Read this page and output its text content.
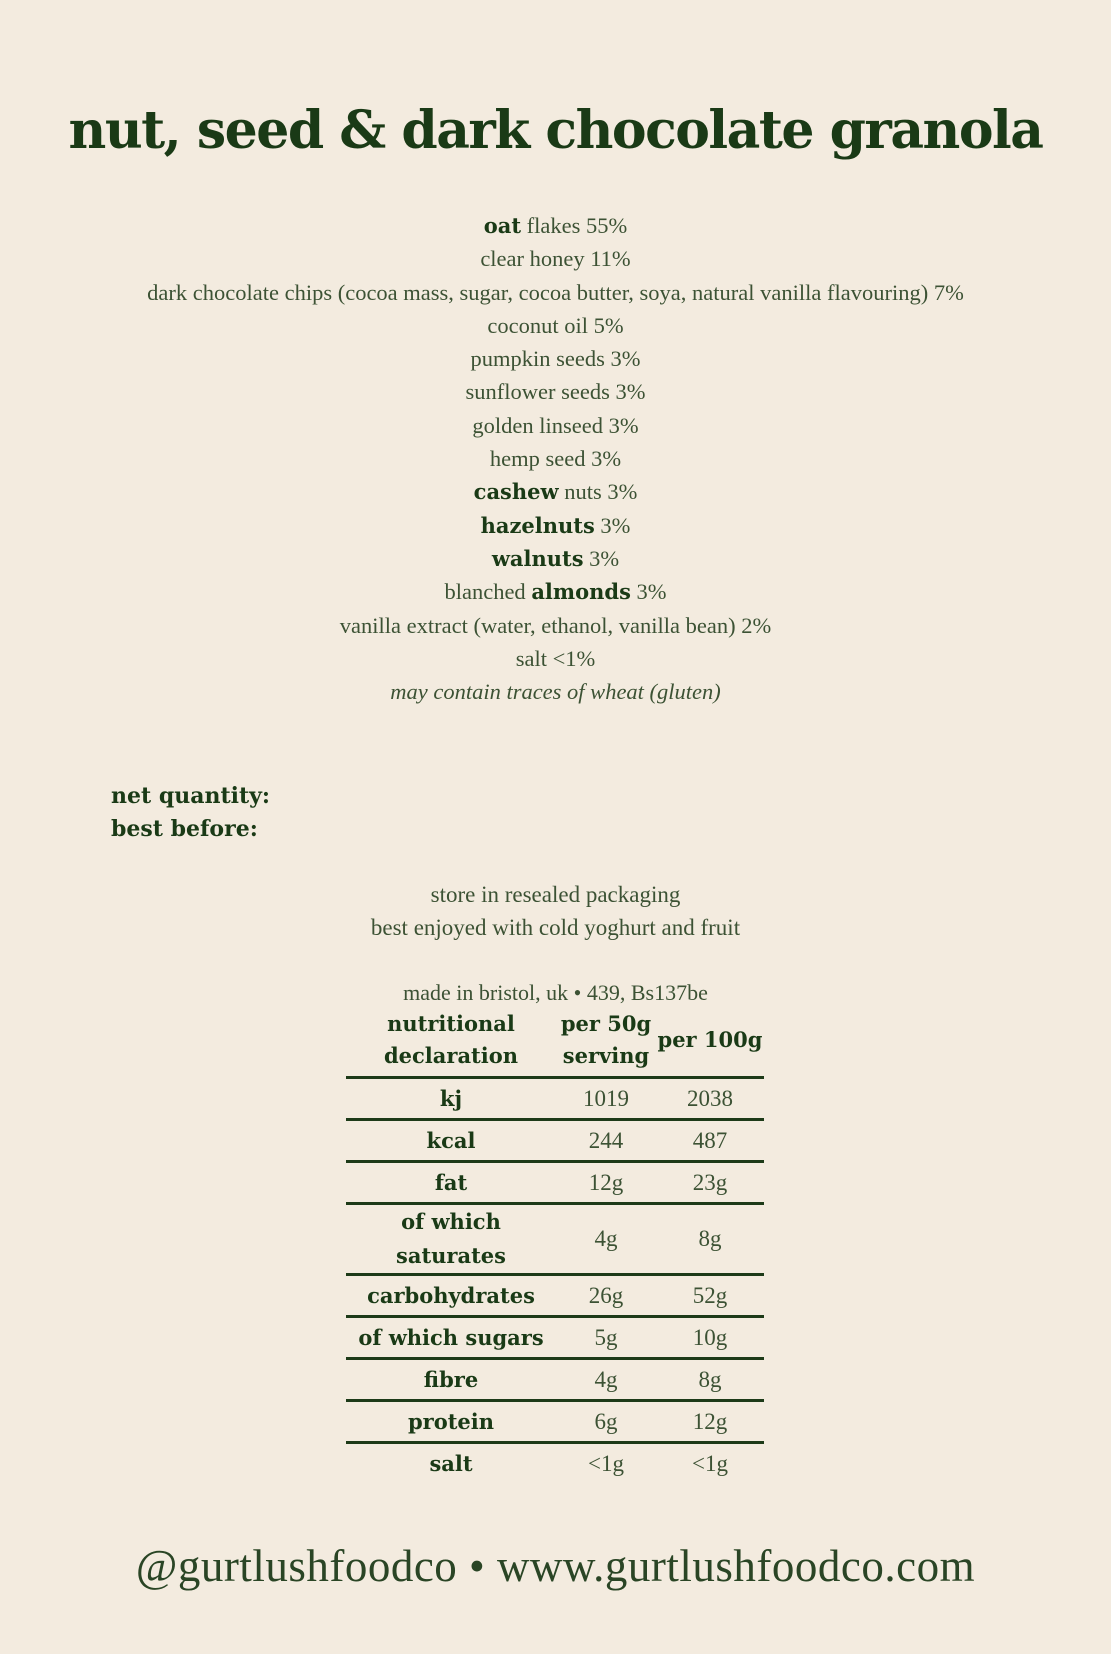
nut, seed & dark chocolate granola
oat flakes 55%
clear honey 11%
dark chocolate chips (cocoa mass, sugar, cocoa butter, soya, natural vanilla flavouring) 7%
coconut oil 5%
pumpkin seeds 3%
sunflower seeds 3%
golden linseed 3%
hemp seed 3%
cashew nuts 3%
hazelnuts 3%
walnuts 3%
blanched almonds 3%
vanilla extract (water, ethanol, vanilla bean) 2%
salt <1%
may contain traces of wheat (gluten)
net quantity:
best before:
store in resealed packaging
best enjoyed with cold yoghurt and fruit
made in bristol, uk • 439, Bs137be
nutritional declaration	per 50g serving	per 100g
kj	1019	2038
kcal	244	487
fat	12g	23g
of which saturates	4g	8g
carbohydrates	26g	52g
of which sugars	5g	10g
fibre	4g	8g
protein	6g	12g
salt	<1g	<1g
@gurtlushfoodco • www.gurtlushfoodco.com
